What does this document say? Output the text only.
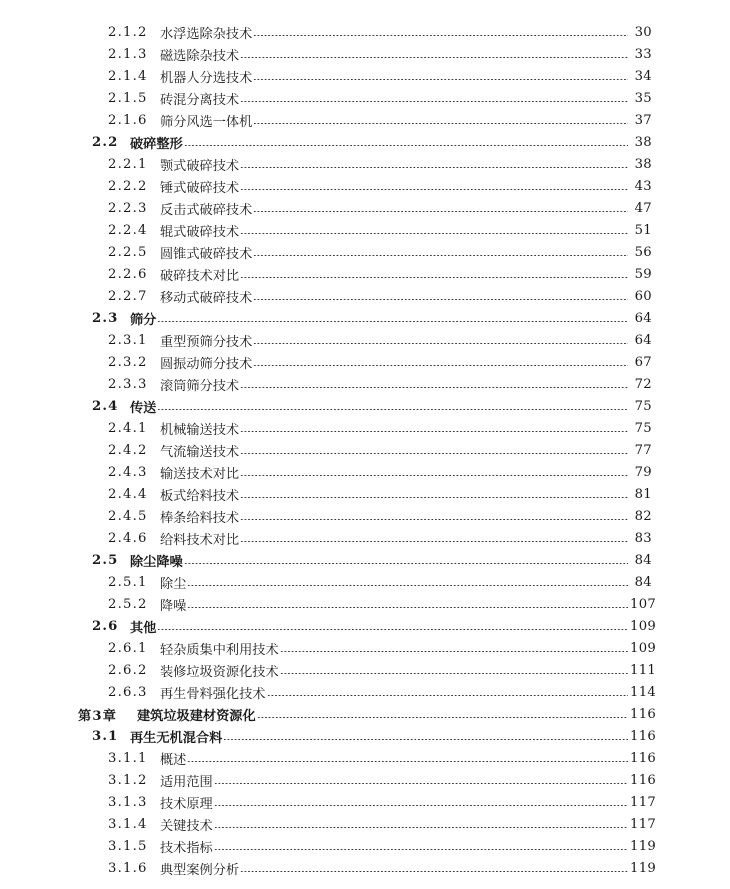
2.1.2 水浮选除杂技术	30
2.1.3 磁选除杂技术	33
2.1.4 机器人分选技术	34
2.1.5 砖混分离技术	35
2.1.6 筛分风选一体机	37
2.2 破碎整形	38
2.2.1 颚式破碎技术	38
2.2.2 锤式破碎技术	43
2.2.3 反击式破碎技术	47
2.2.4 辊式破碎技术	51
2.2.5 圆锥式破碎技术	56
2.2.6 破碎技术对比	59
2.2.7 移动式破碎技术	60
2.3 筛分	64
2.3.1 重型预筛分技术	64
2.3.2 圆振动筛分技术	67
2.3.3 滚筒筛分技术	72
2.4 传送	75
2.4.1 机械输送技术	75
2.4.2 气流输送技术	77
2.4.3 输送技术对比	79
2.4.4 板式给料技术	81
2.4.5 棒条给料技术	82
2.4.6 给料技术对比	83
2.5 除尘降噪	84
2.5.1 除尘	84
2.5.2 降噪	107
2.6 其他	109
2.6.1 轻杂质集中利用技术	109
2.6.2 装修垃圾资源化技术	111
2.6.3 再生骨料强化技术	114
第3章	建筑垃圾建材资源化	116
3.1 再生无机混合料	116
3.1.1 概述	116
3.1.2 适用范围	116
3.1.3 技术原理	117
3.1.4 关键技术	117
3.1.5 技术指标	119
3.1.6 典型案例分析	119
